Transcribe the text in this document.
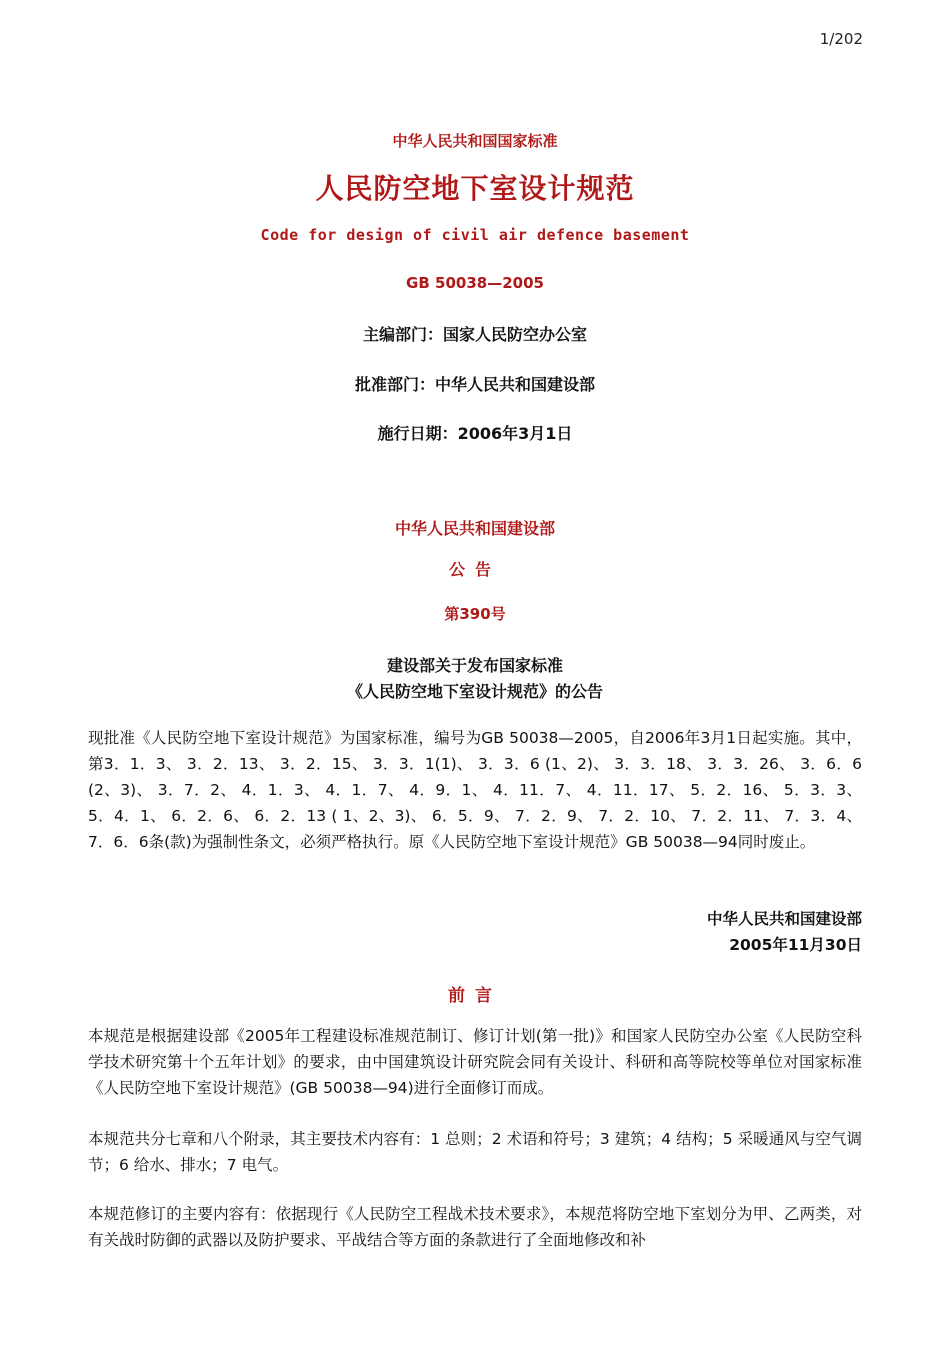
1/202
中华人民共和国国家标准
人民防空地下室设计规范
Code for design of civil air defence basement
GB 50038—2005
主编部门：国家人民防空办公室
批准部门：中华人民共和国建设部
施行日期：2006年3月1日
中华人民共和国建设部
公告
第390号
建设部关于发布国家标准
《人民防空地下室设计规范》的公告
现批准《人民防空地下室设计规范》为国家标准，编号为GB 50038—2005，自2006年3月1日起实施。其中，第3．1．3、 3．2．13、 3．2．15、 3．3．1(1)、 3．3．6 (1、2)、 3．3．18、 3．3．26、 3．6．6 (2、3)、 3．7．2、 4．1．3、 4．1．7、 4．9．1、 4．11．7、 4．11．17、 5．2．16、 5．3．3、 5．4．1、 6．2．6、 6．2．13 ( 1、2、3)、 6．5．9、 7．2．9、 7．2．10、 7．2．11、 7．3．4、 7．6．6条(款)为强制性条文，必须严格执行。原《人民防空地下室设计规范》GB 50038—94同时废止。
中华人民共和国建设部
2005年11月30日
前言
本规范是根据建设部《2005年工程建设标准规范制订、修订计划(第一批)》和国家人民防空办公室《人民防空科学技术研究第十个五年计划》的要求，由中国建筑设计研究院会同有关设计、科研和高等院校等单位对国家标准《人民防空地下室设计规范》(GB 50038—94)进行全面修订而成。
本规范共分七章和八个附录，其主要技术内容有：1 总则；2 术语和符号；3 建筑；4 结构；5 采暖通风与空气调节；6 给水、排水；7 电气。
本规范修订的主要内容有：依据现行《人民防空工程战术技术要求》，本规范将防空地下室划分为甲、乙两类，对有关战时防御的武器以及防护要求、平战结合等方面的条款进行了全面地修改和补
